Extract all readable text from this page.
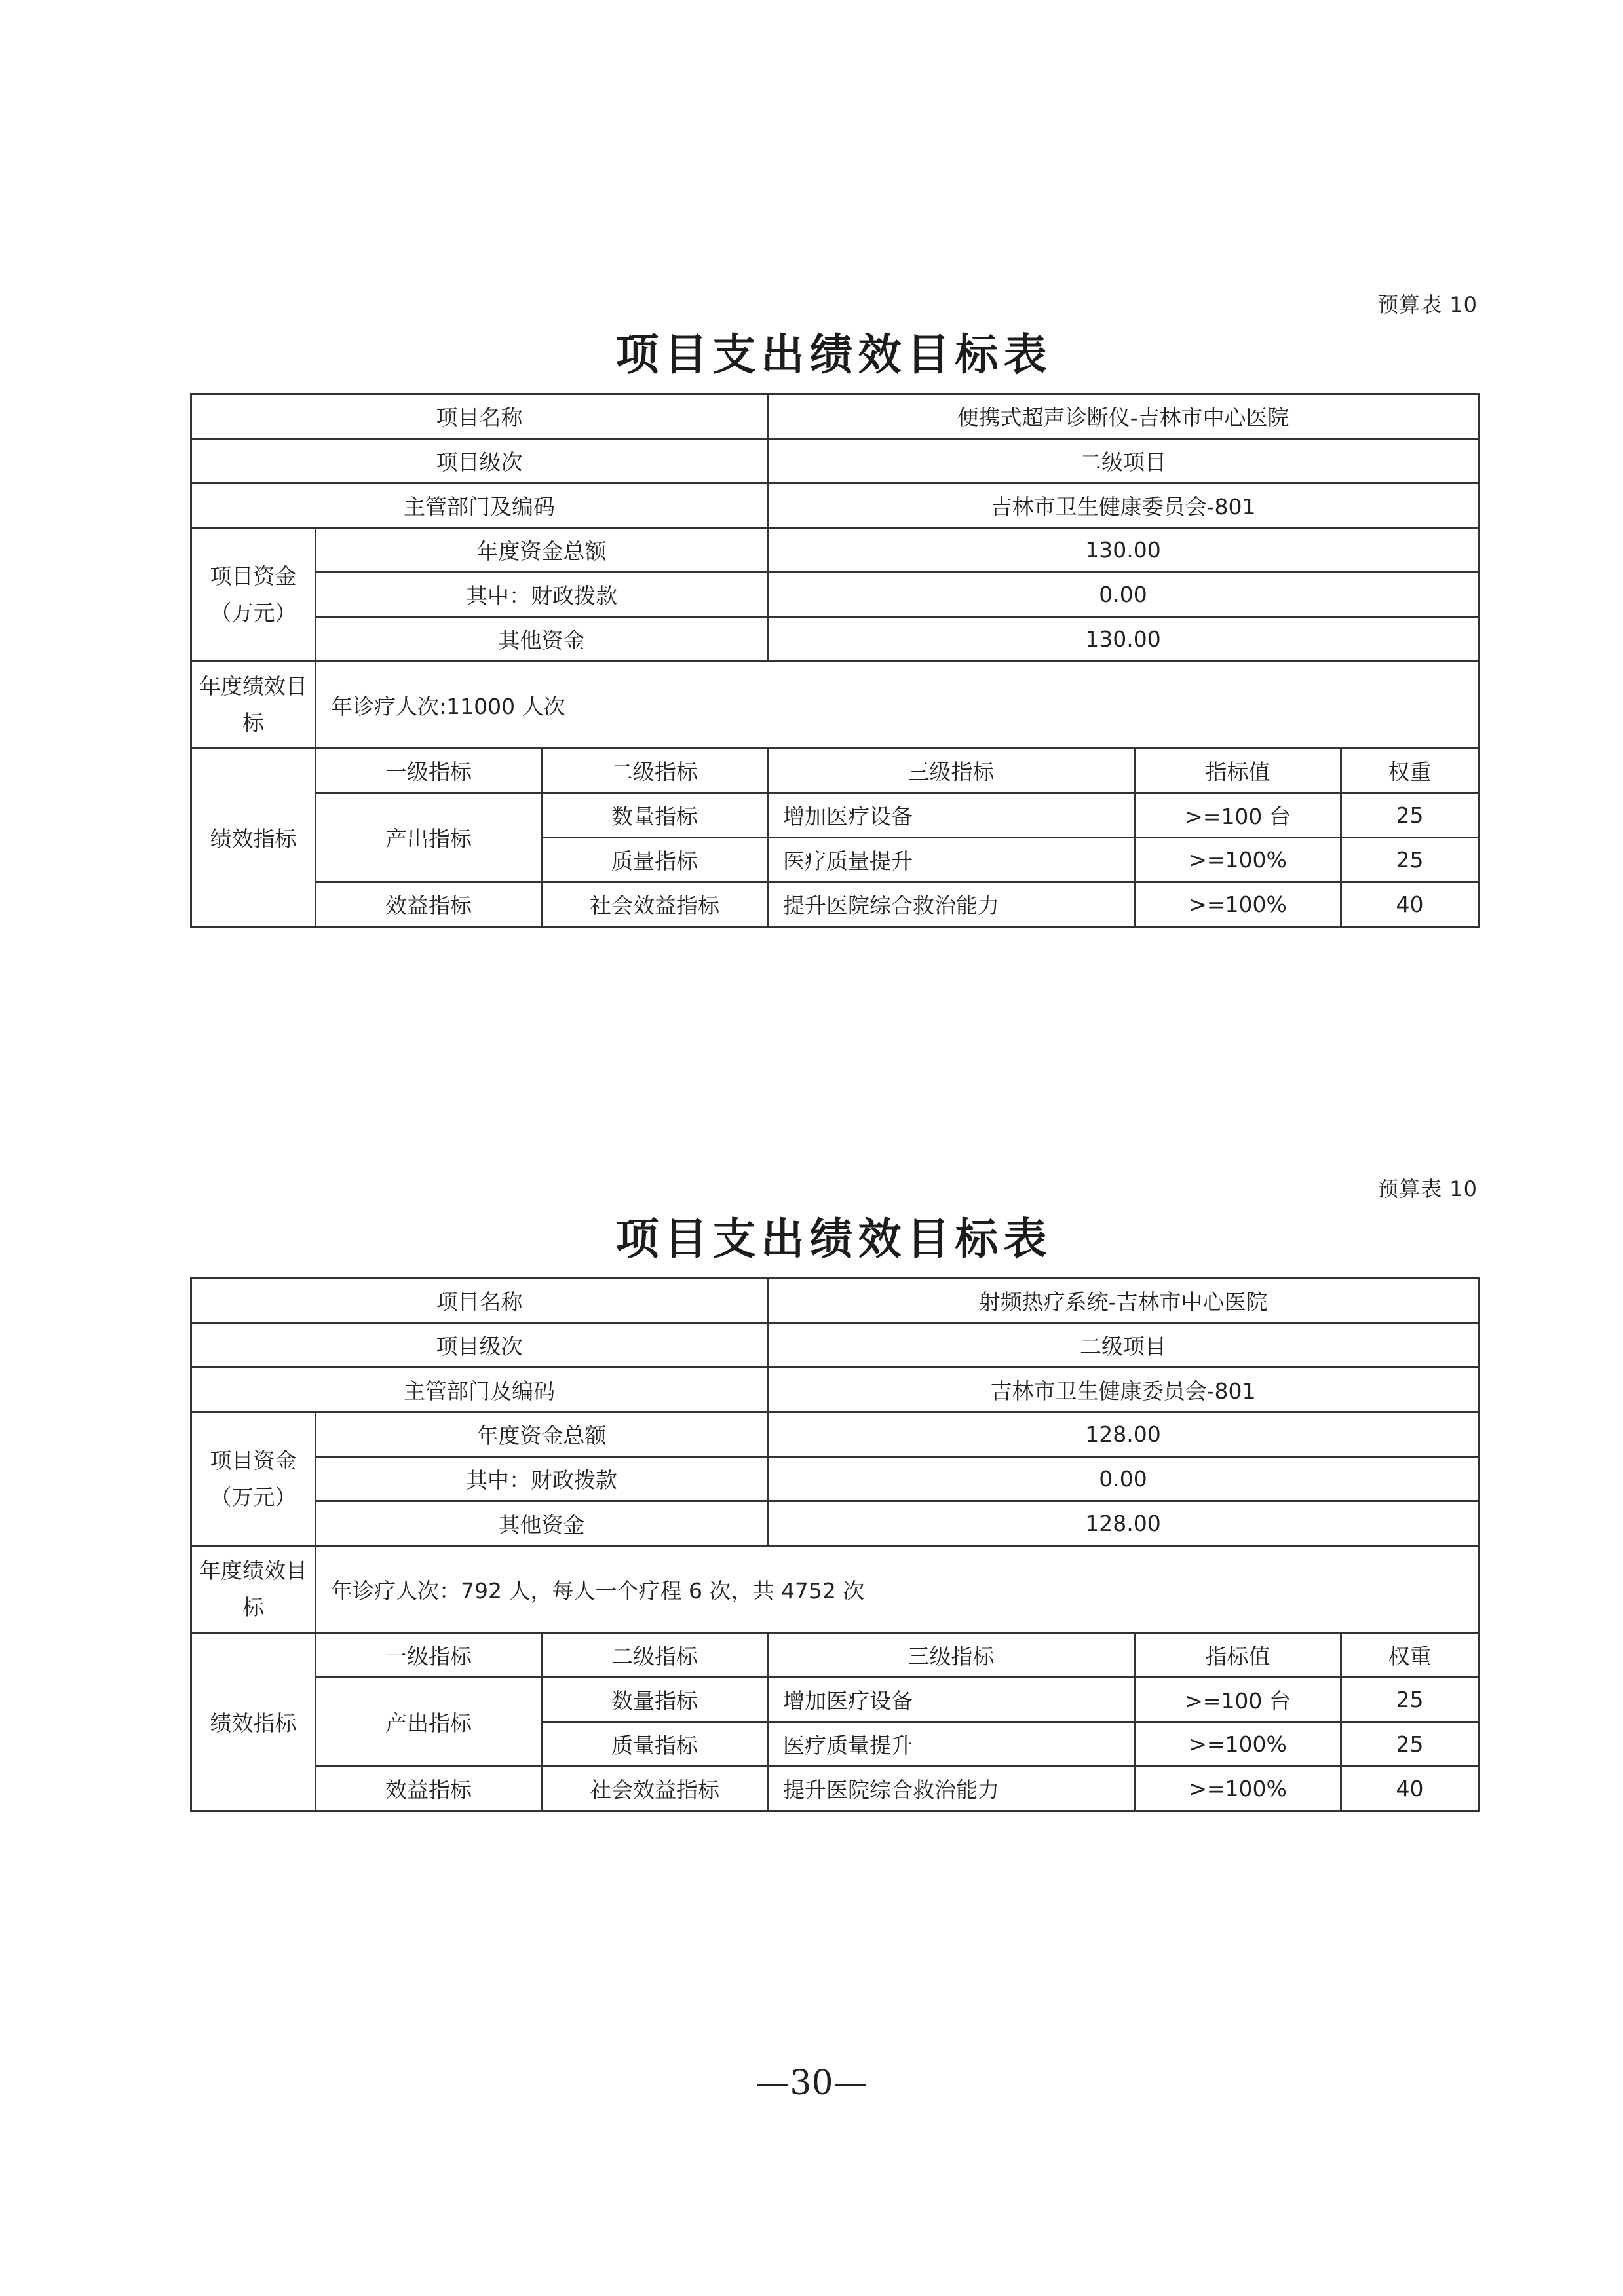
预算表 10
项目支出绩效目标表
项目名称			便携式超声诊断仪-吉林市中心医院		
项目级次			二级项目		
主管部门及编码			吉林市卫生健康委员会-801		
项目资金（万元）	年度资金总额		130.00		
	其中：财政拨款		0.00		
	其他资金		130.00		
年度绩效目标	年诊疗人次:11000 人次				
绩效指标	一级指标	二级指标	三级指标	指标值	权重
	产出指标	数量指标	增加医疗设备	>=100 台	25
		质量指标	医疗质量提升	>=100%	25
	效益指标	社会效益指标	提升医院综合救治能力	>=100%	40
预算表 10
项目支出绩效目标表
项目名称			射频热疗系统-吉林市中心医院		
项目级次			二级项目		
主管部门及编码			吉林市卫生健康委员会-801		
项目资金（万元）	年度资金总额		128.00		
	其中：财政拨款		0.00		
	其他资金		128.00		
年度绩效目标	年诊疗人次：792 人，每人一个疗程 6 次，共 4752 次				
绩效指标	一级指标	二级指标	三级指标	指标值	权重
	产出指标	数量指标	增加医疗设备	>=100 台	25
		质量指标	医疗质量提升	>=100%	25
	效益指标	社会效益指标	提升医院综合救治能力	>=100%	40
—30—
